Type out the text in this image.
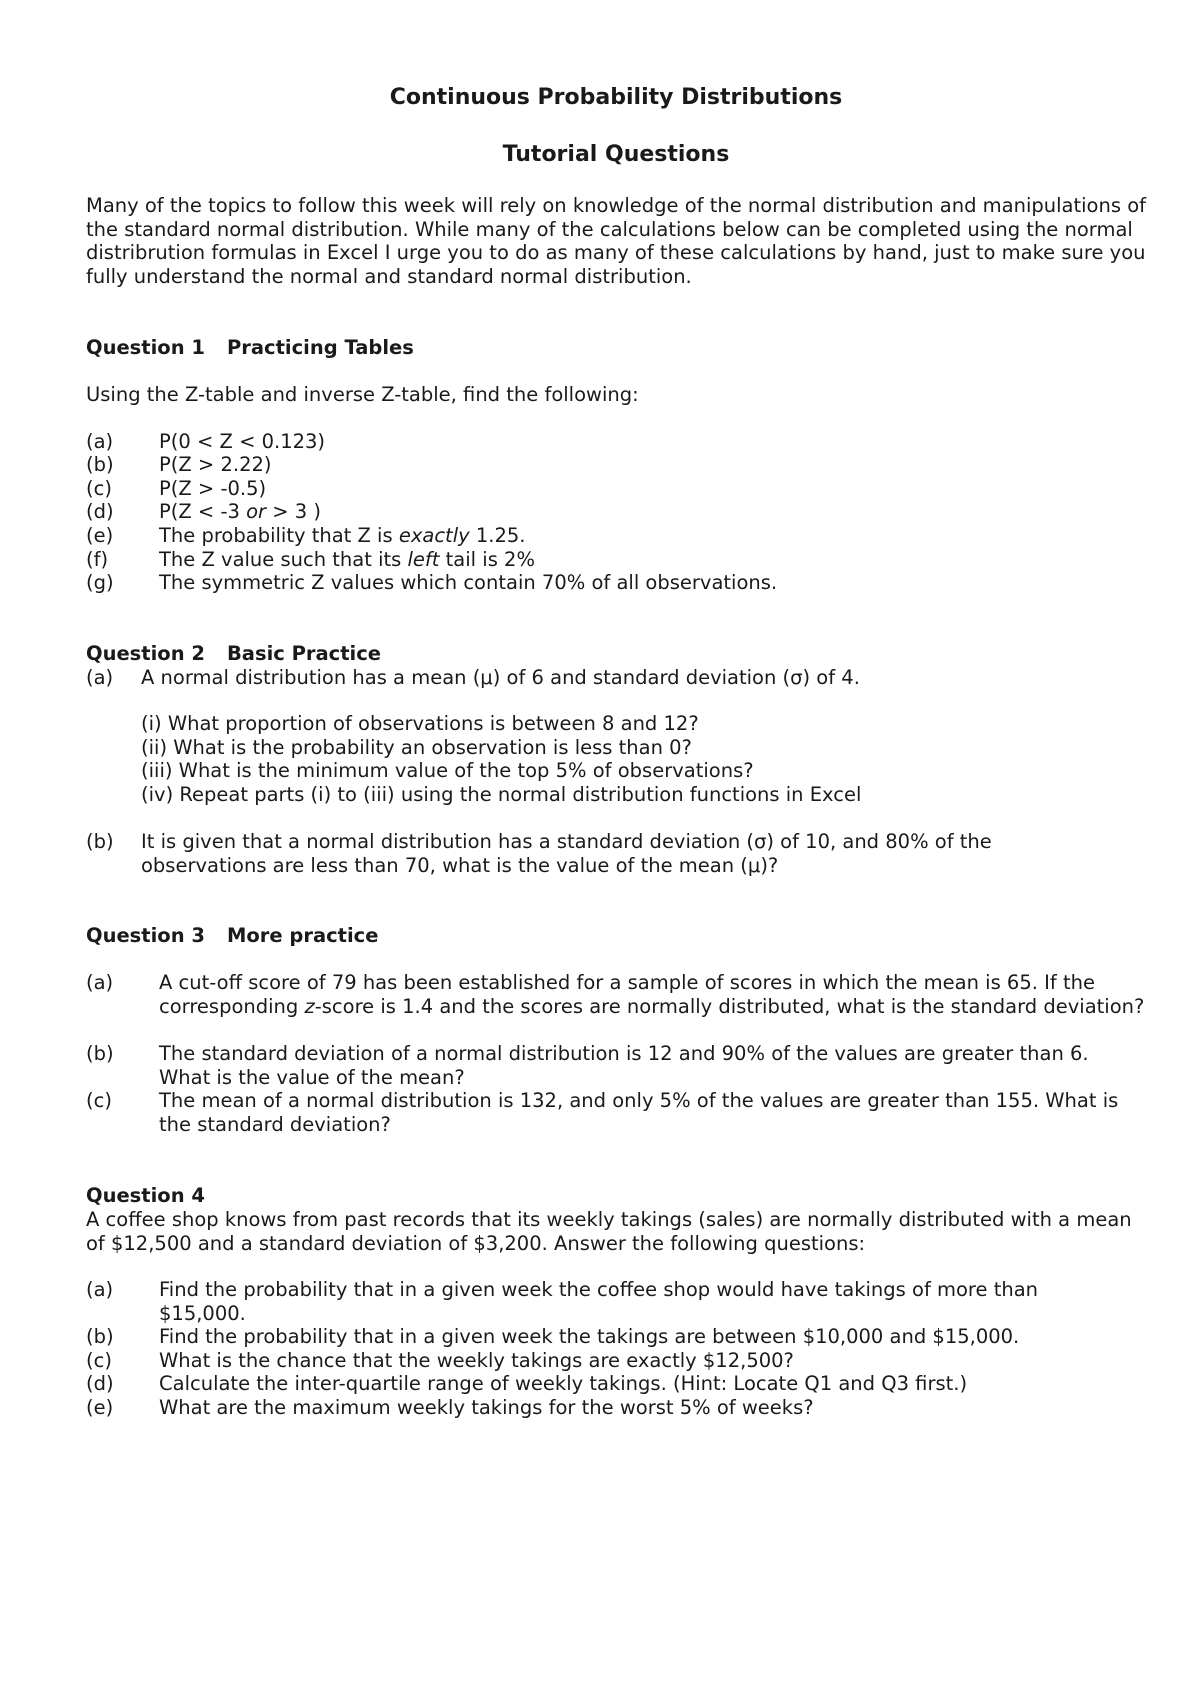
Continuous Probability Distributions
Tutorial Questions

Many of the topics to follow this week will rely on knowledge of the normal distribution and manipulations of the standard normal distribution. While many of the calculations below can be completed using the normal distribrution formulas in Excel I urge you to do as many of these calculations by hand, just to make sure you fully understand the normal and standard normal distribution.

Question 1 Practicing Tables
Using the Z-table and inverse Z-table, find the following:
(a) P(0 < Z < 0.123)
(b) P(Z > 2.22)
(c) P(Z > -0.5)
(d) P(Z < -3 or > 3 )
(e) The probability that Z is exactly 1.25.
(f)	The Z value such that its left tail is 2%
(g) The symmetric Z values which contain 70% of all observations.
Question 2 Basic Practice
(a) A normal distribution has a mean (μ) of 6 and standard deviation (σ) of 4.
(i) What proportion of observations is between 8 and 12?
(ii) What is the probability an observation is less than 0?
(iii) What is the minimum value of the top 5% of observations?
(iv) Repeat parts (i) to (iii) using the normal distribution functions in Excel
(b) It is given that a normal distribution has a standard deviation (σ) of 10, and 80% of the observations are less than 70, what is the value of the mean (μ)?
Question 3 More practice
(a) A cut-off score of 79 has been established for a sample of scores in which the mean is 65. If the corresponding z-score is 1.4 and the scores are normally distributed, what is the standard deviation?
(b) The standard deviation of a normal distribution is 12 and 90% of the values are greater than 6. What is the value of the mean?
(c) The mean of a normal distribution is 132, and only 5% of the values are greater than 155. What is the standard deviation?
Question 4

A coffee shop knows from past records that its weekly takings (sales) are normally distributed with a mean of $12,500 and a standard deviation of $3,200. Answer the following questions:

(a) Find the probability that in a given week the coffee shop would have takings of more than $15,000.
(b) Find the probability that in a given week the takings are between $10,000 and $15,000.
(c) What is the chance that the weekly takings are exactly $12,500?
(d) Calculate the inter-quartile range of weekly takings. (Hint: Locate Q1 and Q3 first.)
(e) What are the maximum weekly takings for the worst 5% of weeks?
